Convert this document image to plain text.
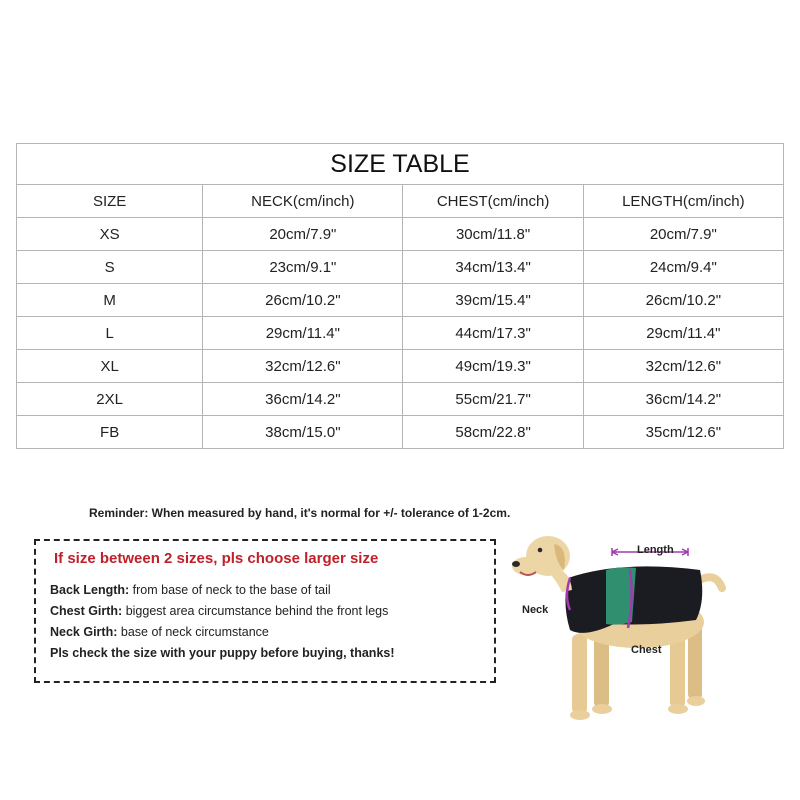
SIZE TABLE			
SIZE	NECK(cm/inch)	CHEST(cm/inch)	LENGTH(cm/inch)
XS	20cm/7.9"	30cm/11.8"	20cm/7.9"
S	23cm/9.1"	34cm/13.4"	24cm/9.4"
M	26cm/10.2"	39cm/15.4"	26cm/10.2"
L	29cm/11.4"	44cm/17.3"	29cm/11.4"
XL	32cm/12.6"	49cm/19.3"	32cm/12.6"
2XL	36cm/14.2"	55cm/21.7"	36cm/14.2"
FB	38cm/15.0"	58cm/22.8"	35cm/12.6"
Reminder: When measured by hand, it's normal for +/- tolerance of 1-2cm.
If size between 2 sizes, pls choose larger size
Back Length: from base of neck to the base of tail
Chest Girth: biggest area circumstance behind the front legs
Neck Girth: base of neck circumstance
Pls check the size with your puppy before buying, thanks!
Length
Neck
Chest
